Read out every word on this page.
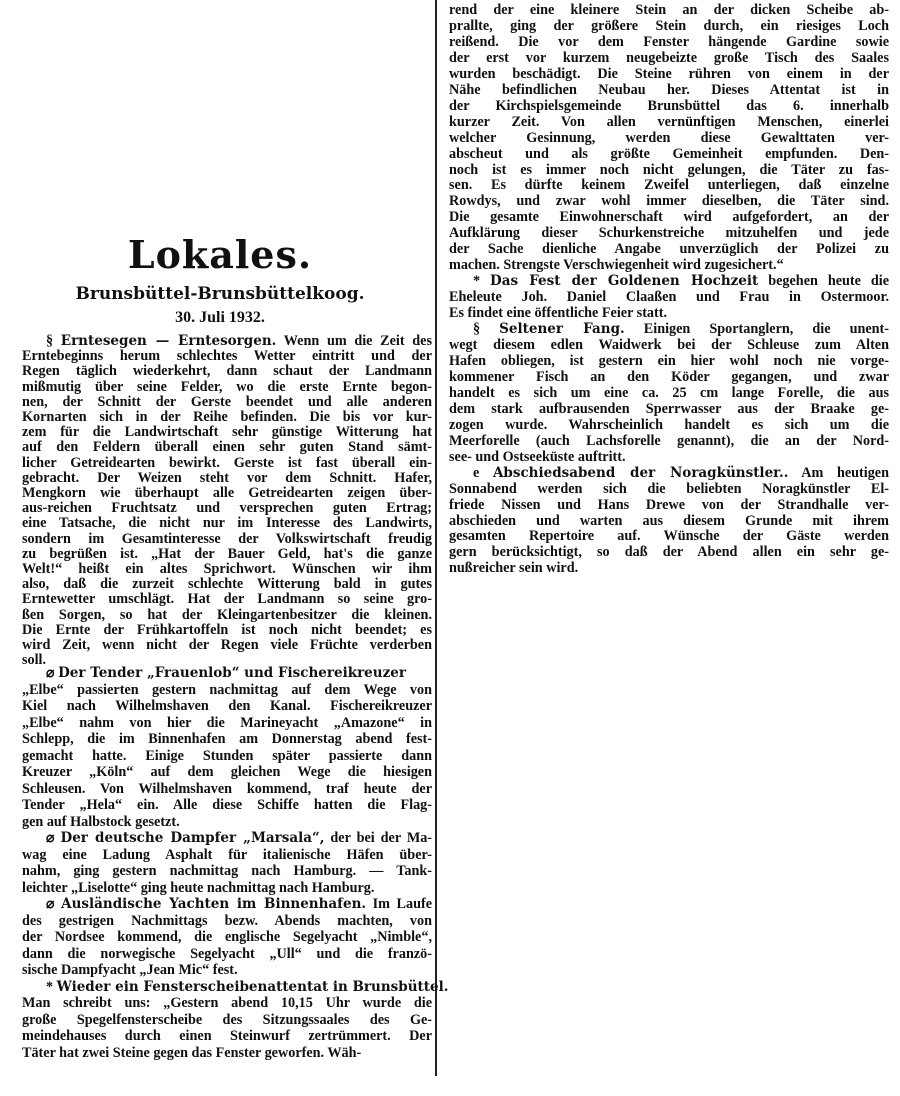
Lokales.
Brunsbüttel-Brunsbüttelkoog.
30. Juli 1932.
§ Erntesegen — Erntesorgen. Wenn um die Zeit des
Erntebeginns herum schlechtes Wetter eintritt und der
Regen täglich wiederkehrt, dann schaut der Landmann
mißmutig über seine Felder, wo die erste Ernte begon-
nen, der Schnitt der Gerste beendet und alle anderen
Kornarten sich in der Reihe befinden. Die bis vor kur-
zem für die Landwirtschaft sehr günstige Witterung hat
auf den Feldern überall einen sehr guten Stand sämt-
licher Getreidearten bewirkt. Gerste ist fast überall ein-
gebracht. Der Weizen steht vor dem Schnitt. Hafer,
Mengkorn wie überhaupt alle Getreidearten zeigen über-
aus-reichen Fruchtsatz und versprechen guten Ertrag;
eine Tatsache, die nicht nur im Interesse des Landwirts,
sondern im Gesamtinteresse der Volkswirtschaft freudig
zu begrüßen ist. „Hat der Bauer Geld, hat's die ganze
Welt!“ heißt ein altes Sprichwort. Wünschen wir ihm
also, daß die zurzeit schlechte Witterung bald in gutes
Erntewetter umschlägt. Hat der Landmann so seine gro-
ßen Sorgen, so hat der Kleingartenbesitzer die kleinen.
Die Ernte der Frühkartoffeln ist noch nicht beendet; es
wird Zeit, wenn nicht der Regen viele Früchte verderben
soll.
⌀ Der Tender „Frauenlob“ und Fischereikreuzer
„Elbe“ passierten gestern nachmittag auf dem Wege von
Kiel nach Wilhelmshaven den Kanal. Fischereikreuzer
„Elbe“ nahm von hier die Marineyacht „Amazone“ in
Schlepp, die im Binnenhafen am Donnerstag abend fest-
gemacht hatte. Einige Stunden später passierte dann
Kreuzer „Köln“ auf dem gleichen Wege die hiesigen
Schleusen. Von Wilhelmshaven kommend, traf heute der
Tender „Hela“ ein. Alle diese Schiffe hatten die Flag-
gen auf Halbstock gesetzt.
⌀ Der deutsche Dampfer „Marsala“, der bei der Ma-
wag eine Ladung Asphalt für italienische Häfen über-
nahm, ging gestern nachmittag nach Hamburg. — Tank-
leichter „Liselotte“ ging heute nachmittag nach Hamburg.
⌀ Ausländische Yachten im Binnenhafen. Im Laufe
des gestrigen Nachmittags bezw. Abends machten, von
der Nordsee kommend, die englische Segelyacht „Nimble“,
dann die norwegische Segelyacht „Ull“ und die franzö-
sische Dampfyacht „Jean Mic“ fest.
* Wieder ein Fensterscheibenattentat in Brunsbüttel.
Man schreibt uns: „Gestern abend 10,15 Uhr wurde die
große Spegelfensterscheibe des Sitzungssaales des Ge-
meindehauses durch einen Steinwurf zertrümmert. Der
Täter hat zwei Steine gegen das Fenster geworfen. Wäh-
rend der eine kleinere Stein an der dicken Scheibe ab-
prallte, ging der größere Stein durch, ein riesiges Loch
reißend. Die vor dem Fenster hängende Gardine sowie
der erst vor kurzem neugebeizte große Tisch des Saales
wurden beschädigt. Die Steine rühren von einem in der
Nähe befindlichen Neubau her. Dieses Attentat ist in
der Kirchspielsgemeinde Brunsbüttel das 6. innerhalb
kurzer Zeit. Von allen vernünftigen Menschen, einerlei
welcher Gesinnung, werden diese Gewalttaten ver-
abscheut und als größte Gemeinheit empfunden. Den-
noch ist es immer noch nicht gelungen, die Täter zu fas-
sen. Es dürfte keinem Zweifel unterliegen, daß einzelne
Rowdys, und zwar wohl immer dieselben, die Täter sind.
Die gesamte Einwohnerschaft wird aufgefordert, an der
Aufklärung dieser Schurkenstreiche mitzuhelfen und jede
der Sache dienliche Angabe unverzüglich der Polizei zu
machen. Strengste Verschwiegenheit wird zugesichert.“
* Das Fest der Goldenen Hochzeit begehen heute die
Eheleute Joh. Daniel Claaßen und Frau in Ostermoor.
Es findet eine öffentliche Feier statt.
§ Seltener Fang. Einigen Sportanglern, die unent-
wegt diesem edlen Waidwerk bei der Schleuse zum Alten
Hafen obliegen, ist gestern ein hier wohl noch nie vorge-
kommener Fisch an den Köder gegangen, und zwar
handelt es sich um eine ca. 25 cm lange Forelle, die aus
dem stark aufbrausenden Sperrwasser aus der Braake ge-
zogen wurde. Wahrscheinlich handelt es sich um die
Meerforelle (auch Lachsforelle genannt), die an der Nord-
see- und Ostseeküste auftritt.
e Abschiedsabend der Noragkünstler.. Am heutigen
Sonnabend werden sich die beliebten Noragkünstler El-
friede Nissen und Hans Drewe von der Strandhalle ver-
abschieden und warten aus diesem Grunde mit ihrem
gesamten Repertoire auf. Wünsche der Gäste werden
gern berücksichtigt, so daß der Abend allen ein sehr ge-
nußreicher sein wird.
